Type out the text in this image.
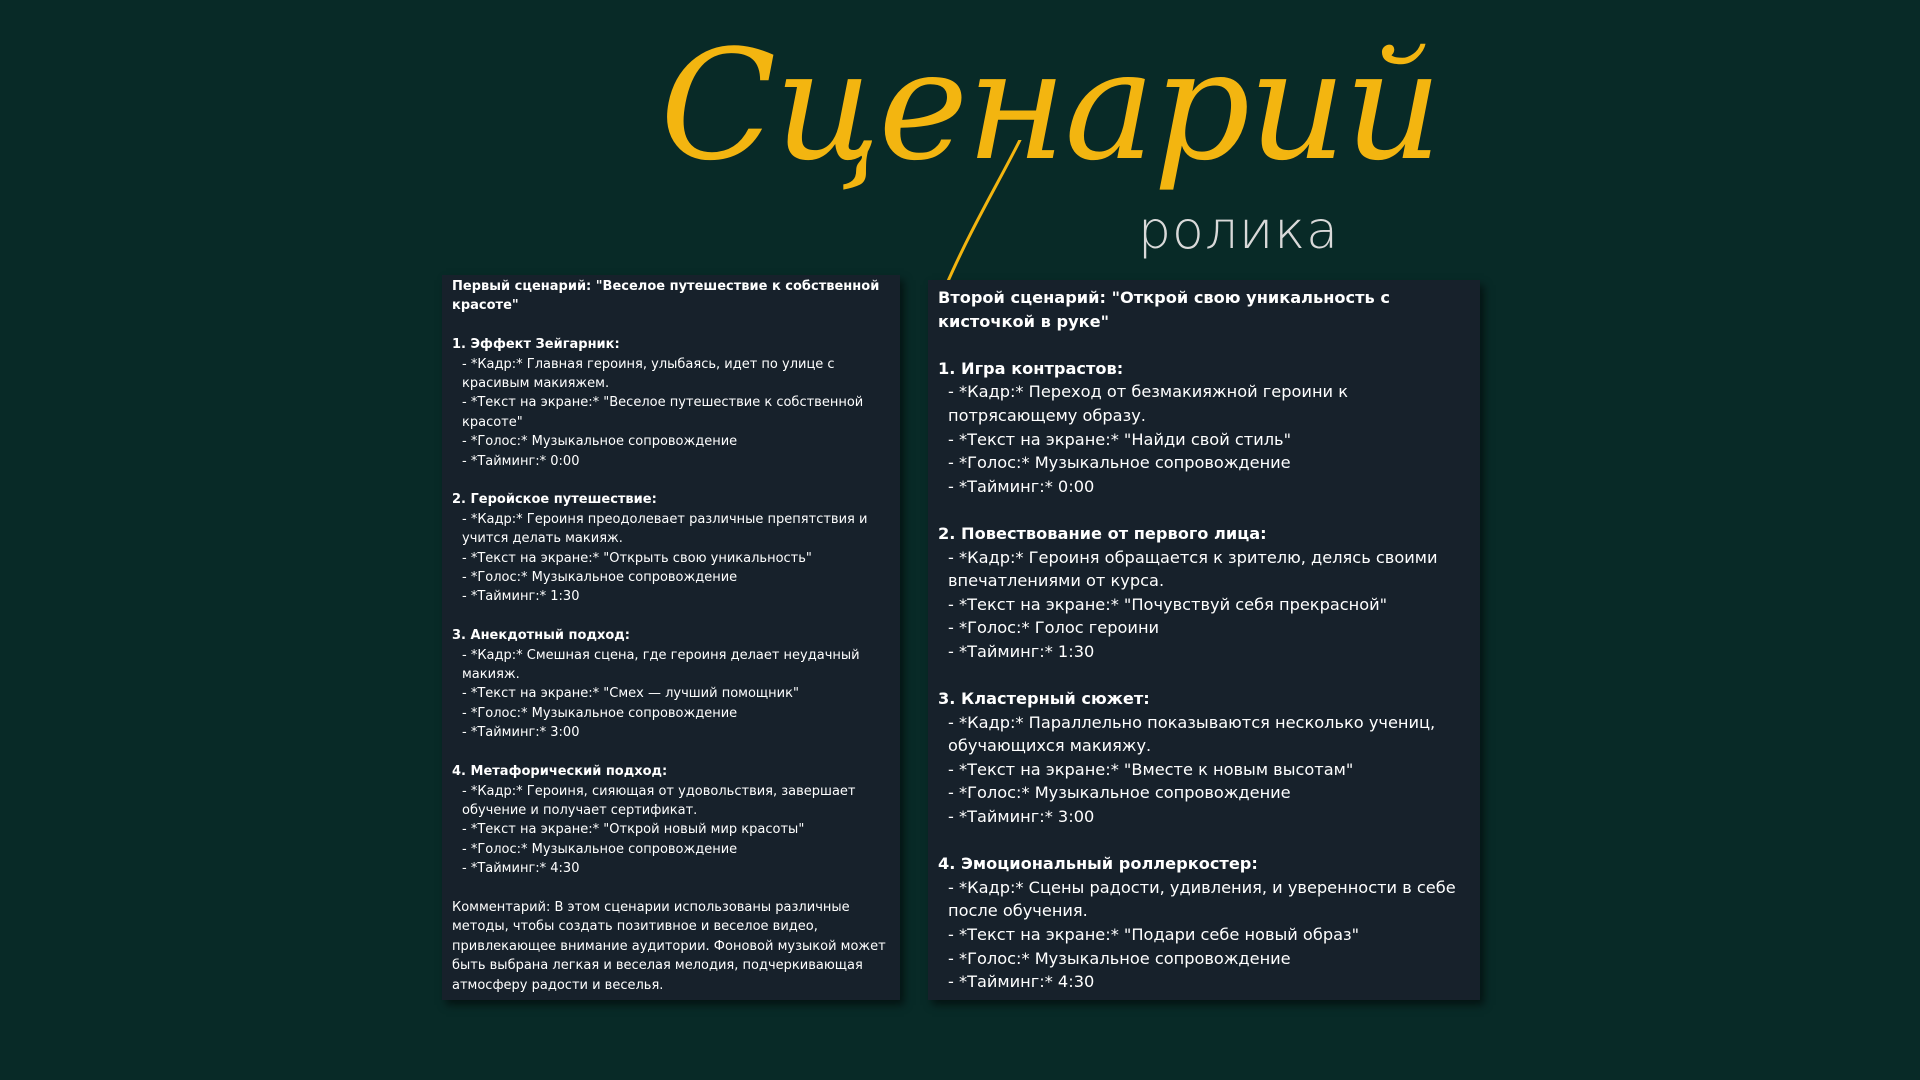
Сценарий
ролика
Первый сценарий: "Веселое путешествие к собственной красоте"
1. Эффект Зейгарник:
- *Кадр:* Главная героиня, улыбаясь, идет по улице с красивым макияжем.
- *Текст на экране:* "Веселое путешествие к собственной красоте"
- *Голос:* Музыкальное сопровождение
- *Тайминг:* 0:00
2. Геройское путешествие:
- *Кадр:* Героиня преодолевает различные препятствия и учится делать макияж.
- *Текст на экране:* "Открыть свою уникальность"
- *Голос:* Музыкальное сопровождение
- *Тайминг:* 1:30
3. Анекдотный подход:
- *Кадр:* Смешная сцена, где героиня делает неудачный макияж.
- *Текст на экране:* "Смех — лучший помощник"
- *Голос:* Музыкальное сопровождение
- *Тайминг:* 3:00
4. Метафорический подход:
- *Кадр:* Героиня, сияющая от удовольствия, завершает обучение и получает сертификат.
- *Текст на экране:* "Открой новый мир красоты"
- *Голос:* Музыкальное сопровождение
- *Тайминг:* 4:30
Комментарий: В этом сценарии использованы различные методы, чтобы создать позитивное и веселое видео, привлекающее внимание аудитории. Фоновой музыкой может быть выбрана легкая и веселая мелодия, подчеркивающая атмосферу радости и веселья.
Второй сценарий: "Открой свою уникальность с кисточкой в руке"
1. Игра контрастов:
- *Кадр:* Переход от безмакияжной героини к потрясающему образу.
- *Текст на экране:* "Найди свой стиль"
- *Голос:* Музыкальное сопровождение
- *Тайминг:* 0:00
2. Повествование от первого лица:
- *Кадр:* Героиня обращается к зрителю, делясь своими впечатлениями от курса.
- *Текст на экране:* "Почувствуй себя прекрасной"
- *Голос:* Голос героини
- *Тайминг:* 1:30
3. Кластерный сюжет:
- *Кадр:* Параллельно показываются несколько учениц, обучающихся макияжу.
- *Текст на экране:* "Вместе к новым высотам"
- *Голос:* Музыкальное сопровождение
- *Тайминг:* 3:00
4. Эмоциональный роллеркостер:
- *Кадр:* Сцены радости, удивления, и уверенности в себе после обучения.
- *Текст на экране:* "Подари себе новый образ"
- *Голос:* Музыкальное сопровождение
- *Тайминг:* 4:30
